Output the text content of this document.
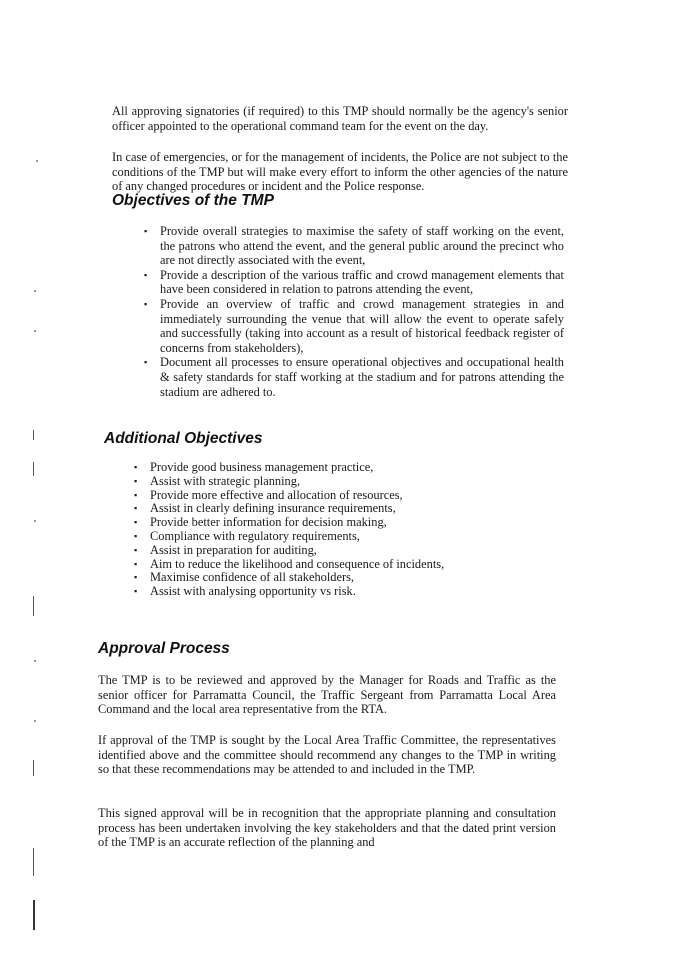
All approving signatories (if required) to this TMP should normally be the agency's senior officer appointed to the operational command team for the event on the day.

In case of emergencies, or for the management of incidents, the Police are not subject to the conditions of the TMP but will make every effort to inform the other agencies of the nature of any changed procedures or incident and the Police response.

Objectives of the TMP
▪ Provide overall strategies to maximise the safety of staff working on the event, the patrons who attend the event, and the general public around the precinct who are not directly associated with the event,
▪ Provide a description of the various traffic and crowd management elements that have been considered in relation to patrons attending the event,
▪ Provide an overview of traffic and crowd management strategies in and immediately surrounding the venue that will allow the event to operate safely and successfully (taking into account as a result of historical feedback register of concerns from stakeholders),
▪ Document all processes to ensure operational objectives and occupational health & safety standards for staff working at the stadium and for patrons attending the stadium are adhered to.
Additional Objectives
▪ Provide good business management practice,
▪ Assist with strategic planning,
▪ Provide more effective and allocation of resources,
▪ Assist in clearly defining insurance requirements,
▪ Provide better information for decision making,
▪ Compliance with regulatory requirements,
▪ Assist in preparation for auditing,
▪ Aim to reduce the likelihood and consequence of incidents,
▪ Maximise confidence of all stakeholders,
▪ Assist with analysing opportunity vs risk.
Approval Process

The TMP is to be reviewed and approved by the Manager for Roads and Traffic as the senior officer for Parramatta Council, the Traffic Sergeant from Parramatta Local Area Command and the local area representative from the RTA.

If approval of the TMP is sought by the Local Area Traffic Committee, the representatives identified above and the committee should recommend any changes to the TMP in writing so that these recommendations may be attended to and included in the TMP.

This signed approval will be in recognition that the appropriate planning and consultation process has been undertaken involving the key stakeholders and that the dated print version of the TMP is an accurate reflection of the planning and
